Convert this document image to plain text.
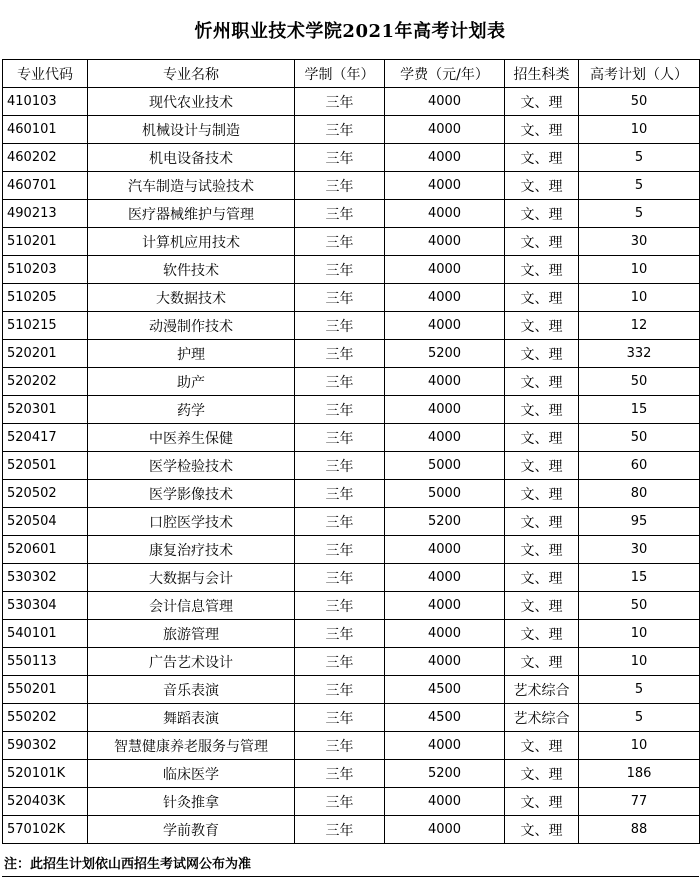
忻州职业技术学院2021年高考计划表
专业代码	专业名称	学制（年）	学费（元/年）	招生科类	高考计划（人）
410103	现代农业技术	三年	4000	文、理	50
460101	机械设计与制造	三年	4000	文、理	10
460202	机电设备技术	三年	4000	文、理	5
460701	汽车制造与试验技术	三年	4000	文、理	5
490213	医疗器械维护与管理	三年	4000	文、理	5
510201	计算机应用技术	三年	4000	文、理	30
510203	软件技术	三年	4000	文、理	10
510205	大数据技术	三年	4000	文、理	10
510215	动漫制作技术	三年	4000	文、理	12
520201	护理	三年	5200	文、理	332
520202	助产	三年	4000	文、理	50
520301	药学	三年	4000	文、理	15
520417	中医养生保健	三年	4000	文、理	50
520501	医学检验技术	三年	5000	文、理	60
520502	医学影像技术	三年	5000	文、理	80
520504	口腔医学技术	三年	5200	文、理	95
520601	康复治疗技术	三年	4000	文、理	30
530302	大数据与会计	三年	4000	文、理	15
530304	会计信息管理	三年	4000	文、理	50
540101	旅游管理	三年	4000	文、理	10
550113	广告艺术设计	三年	4000	文、理	10
550201	音乐表演	三年	4500	艺术综合	5
550202	舞蹈表演	三年	4500	艺术综合	5
590302	智慧健康养老服务与管理	三年	4000	文、理	10
520101K	临床医学	三年	5200	文、理	186
520403K	针灸推拿	三年	4000	文、理	77
570102K	学前教育	三年	4000	文、理	88
注：此招生计划依山西招生考试网公布为准
